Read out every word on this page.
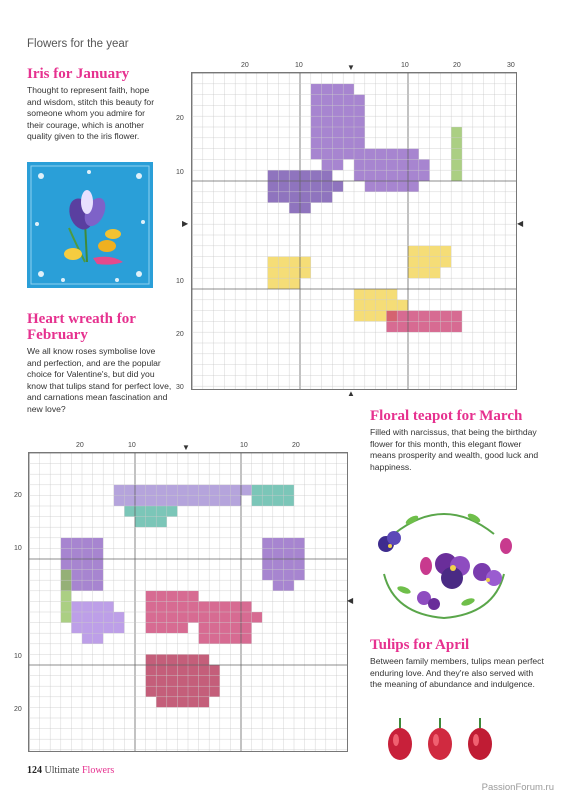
Flowers for the year
Iris for January

Thought to represent faith, hope and wisdom, stitch this beauty for someone whom you admire for their courage, which is another quality given to the iris flower.

Heart wreath for February

We all know roses symbolise love and perfection, and are the popular choice for Valentine's, but did you know that tulips stand for perfect love, and carnations mean fascination and new love?

20	10	10	20	30
20
10
10
20
30
▼
▶	◀
▲
Floral teapot for March

Filled with narcissus, that being the birthday flower for this month, this elegant flower means prosperity and wealth, good luck and happiness.

Tulips for April

Between family members, tulips mean perfect enduring love. And they're also served with the meaning of abundance and indulgence.

20	10	10	20
20
10
10
20
▼
◀
124 Ultimate Flowers
PassionForum.ru
